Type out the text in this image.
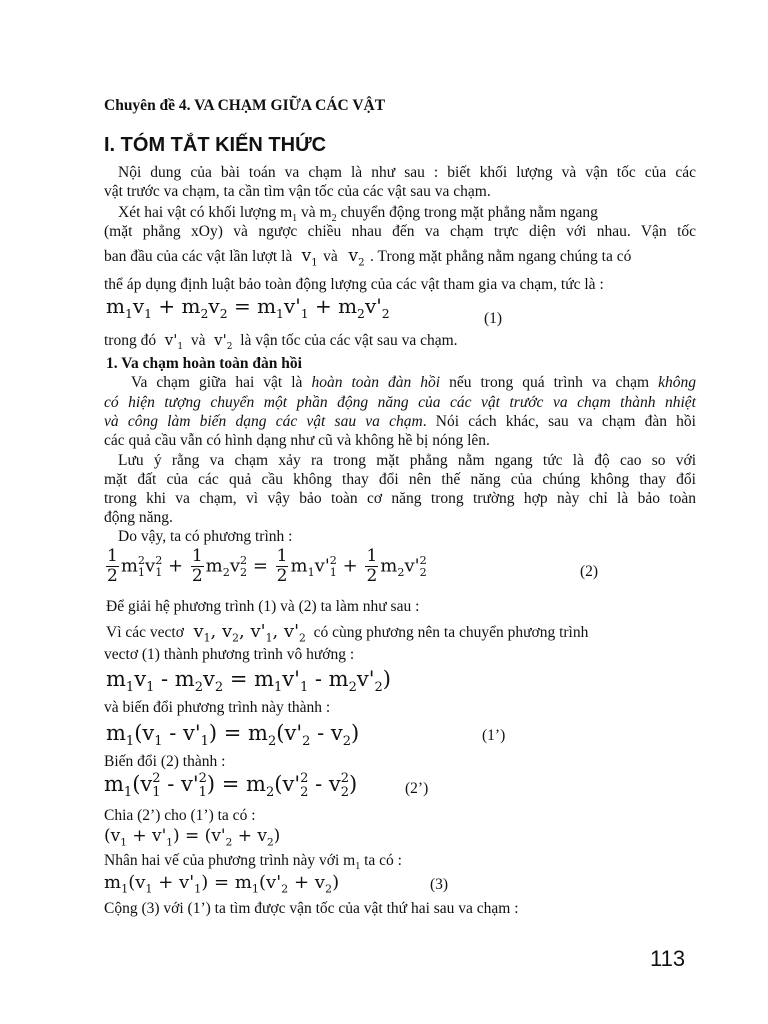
Chuyên đề 4. VA CHẠM GIỮA CÁC VẬT
I. TÓM TẮT KIẾN THỨC
Nội dung của bài toán va chạm là như sau : biết khối lượng và vận tốc của các
vật trước va chạm, ta cần tìm vận tốc của các vật sau va chạm.
Xét hai vật có khối lượng $m_1$ và $m_2$ chuyển động trong mặt phẳng nằm ngang
(mặt phẳng xOy) và ngược chiều nhau đến va chạm trực diện với nhau. Vận tốc
ban đầu của các vật lần lượt là  $v_1$ và  $v_2$ . Trong mặt phẳng nằm ngang chúng ta có
thể áp dụng định luật bảo toàn động lượng của các vật tham gia va chạm, tức là :
$m_1v_1 + m_2v_2 = m_1v'_1 + m_2v'_2$	(1)
trong đó  $v'_1$ và  $v'_2$ là vận tốc của các vật sau va chạm.
1. Va chạm hoàn toàn đàn hồi
Va chạm giữa hai vật là hoàn toàn đàn hồi nếu trong quá trình va chạm không
có hiện tượng chuyển một phần động năng của các vật trước va chạm thành nhiệt
và công làm biến dạng các vật sau va chạm. Nói cách khác, sau va chạm đàn hồi
các quả cầu vẫn có hình dạng như cũ và không hề bị nóng lên.
Lưu ý rằng va chạm xảy ra trong mặt phẳng nằm ngang tức là độ cao so với
mặt đất của các quả cầu không thay đổi nên thế năng của chúng không thay đổi
trong khi va chạm, vì vậy bảo toàn cơ năng trong trường hợp này chỉ là bảo toàn
động năng.
Do vậy, ta có phương trình :
$\frac{1}{2}$ m 2
1 v 2
$1 + \frac{1}{2} m_2v$ 2
$2 = \frac{1}{2} m_1v'$ 2
$1 + \frac{1}{2} m_2v'$ 2
2	(2)
Để giải hệ phương trình (1) và (2) ta làm như sau :
Vì các vectơ  $v_1$, $v_2$, $v'_1$, $v'_2$ có cùng phương nên ta chuyển phương trình
vectơ (1) thành phương trình vô hướng :
$m_1v_1 - m_2v_2 = m_1v'_1 - m_2v'_2$)
và biến đổi phương trình này thành :
$m_1(v_1 - v'_1) = m_2(v'_2 - v_2)$	(1’)
Biến đổi (2) thành :
$m_1(v$ 2
1 - v' 2
1 ) = $m_2(v'$ 2
2 - v 2
2 )	(2’)
Chia (2’) cho (1’) ta có :
$(v_1 + v'_1) = (v'_2 + v_2)$
Nhân hai vế của phương trình này với $m_1$ ta có :
$m_1(v_1 + v'_1) = m_1(v'_2 + v_2)$	(3)
Cộng (3) với (1’) ta tìm được vận tốc của vật thứ hai sau va chạm :
113
